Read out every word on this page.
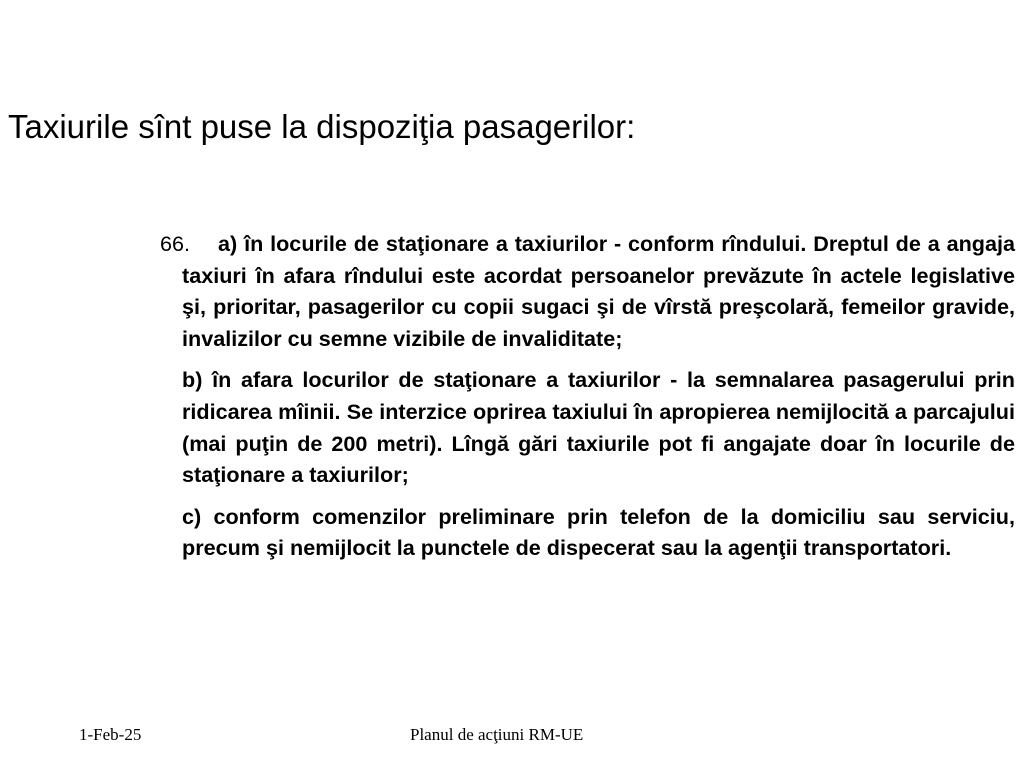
Taxiurile sînt puse la dispoziţia pasagerilor:

66. a) în locurile de staţionare a taxiurilor - conform rîndului. Dreptul de a angaja taxiuri în afara rîndului este acordat persoanelor prevăzute în actele legislative şi, prioritar, pasagerilor cu copii sugaci şi de vîrstă preşcolară, femeilor gravide, invalizilor cu semne vizibile de invaliditate;

b) în afara locurilor de staţionare a taxiurilor - la semnalarea pasagerului prin ridicarea mîinii. Se interzice oprirea taxiului în apropierea nemijlocită a parcajului (mai puţin de 200 metri). Lîngă gări taxiurile pot fi angajate doar în locurile de staţionare a taxiurilor;

c) conform comenzilor preliminare prin telefon de la domiciliu sau serviciu, precum şi nemijlocit la punctele de dispecerat sau la agenţii transportatori.

1-Feb-25	Planul de acţiuni RM-UE
